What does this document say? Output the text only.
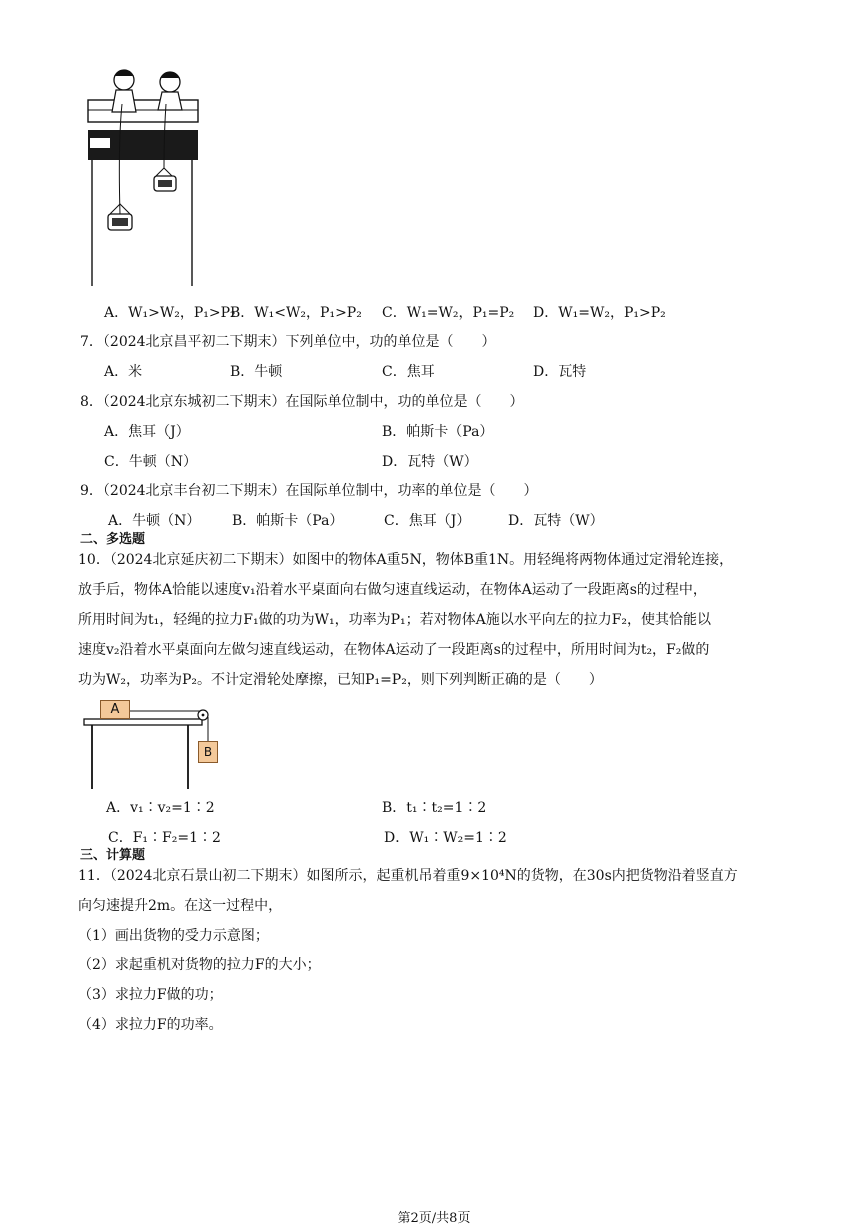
A．W₁>W₂，P₁>P₂
B．W₁<W₂，P₁>P₂ C．W₁=W₂，P₁=P₂ D．W₁=W₂，P₁>P₂
7．（2024北京昌平初二下期末）下列单位中，功的单位是（　　）
A．米	B．牛顿	C．焦耳	D．瓦特
8．（2024北京东城初二下期末）在国际单位制中，功的单位是（　　）
A．焦耳（J）	B．帕斯卡（Pa）
C．牛顿（N）	D．瓦特（W）
9．（2024北京丰台初二下期末）在国际单位制中，功率的单位是（　　）
A．牛顿（N） B．帕斯卡（Pa）	C．焦耳（J）	D．瓦特（W）
二、多选题
10．（2024北京延庆初二下期末）如图中的物体A重5N，物体B重1N。用轻绳将两物体通过定滑轮连接，
放手后，物体A恰能以速度v₁沿着水平桌面向右做匀速直线运动，在物体A运动了一段距离s的过程中，
所用时间为t₁，轻绳的拉力F₁做的功为W₁，功率为P₁；若对物体A施以水平向左的拉力F₂，使其恰能以
速度v₂沿着水平桌面向左做匀速直线运动，在物体A运动了一段距离s的过程中，所用时间为t₂，F₂做的
功为W₂，功率为P₂。不计定滑轮处摩擦，已知P₁=P₂，则下列判断正确的是（　　）
A
B
A．v₁∶v₂=1∶2	B．t₁∶t₂=1∶2
C．F₁∶F₂=1∶2	D．W₁∶W₂=1∶2
三、计算题
11．（2024北京石景山初二下期末）如图所示，起重机吊着重9×10⁴N的货物，在30s内把货物沿着竖直方
向匀速提升2m。在这一过程中，
（1）画出货物的受力示意图；
（2）求起重机对货物的拉力F的大小；
（3）求拉力F做的功；
（4）求拉力F的功率。
第2页/共8页
